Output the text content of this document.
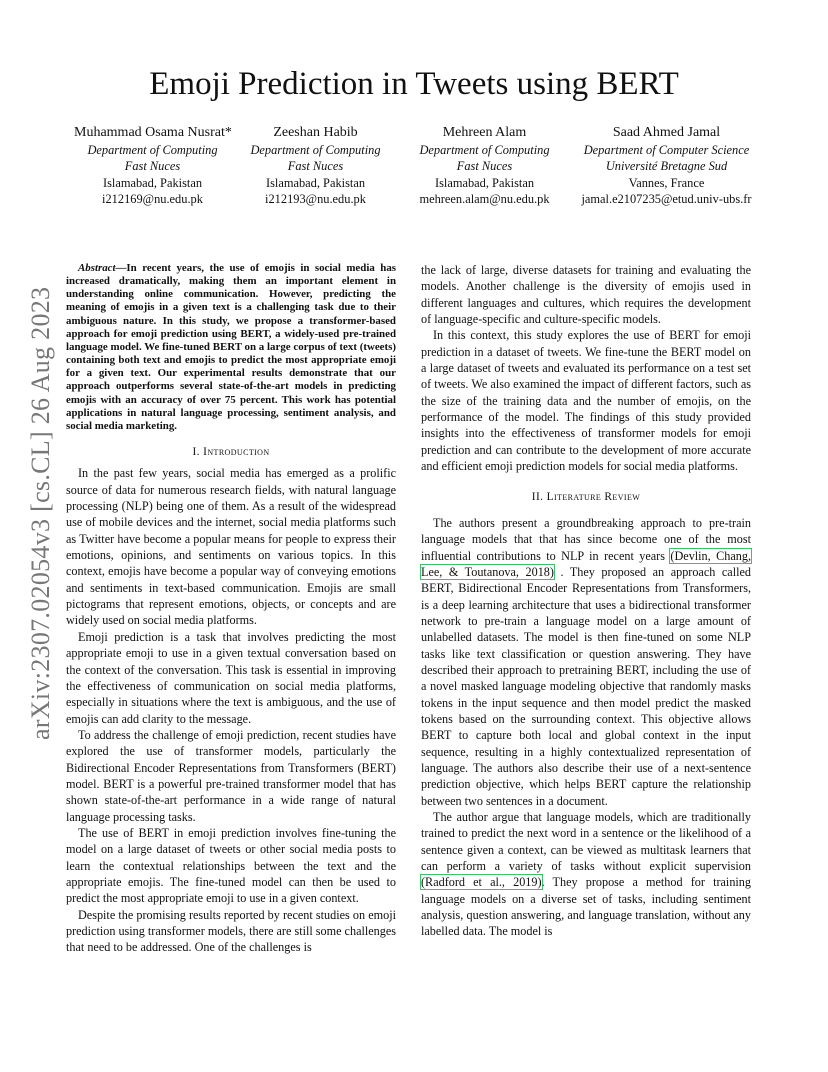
arXiv:2307.02054v3 [cs.CL] 26 Aug 2023
Emoji Prediction in Tweets using BERT
Muhammad Osama Nusrat*
Department of Computing
Fast Nuces
Islamabad, Pakistan
i212169@nu.edu.pk
Zeeshan Habib
Department of Computing
Fast Nuces
Islamabad, Pakistan
i212193@nu.edu.pk
Mehreen Alam
Department of Computing
Fast Nuces
Islamabad, Pakistan
mehreen.alam@nu.edu.pk
Saad Ahmed Jamal
Department of Computer Science
Université Bretagne Sud
Vannes, France
jamal.e2107235@etud.univ-ubs.fr

Abstract—In recent years, the use of emojis in social media has increased dramatically, making them an important element in understanding online communication. However, predicting the meaning of emojis in a given text is a challenging task due to their ambiguous nature. In this study, we propose a transformer-based approach for emoji prediction using BERT, a widely-used pre-trained language model. We fine-tuned BERT on a large corpus of text (tweets) containing both text and emojis to predict the most appropriate emoji for a given text. Our experimental results demonstrate that our approach outperforms several state-of-the-art models in predicting emojis with an accuracy of over 75 percent. This work has potential applications in natural language processing, sentiment analysis, and social media marketing.

I. Introduction

In the past few years, social media has emerged as a prolific source of data for numerous research fields, with natural language processing (NLP) being one of them. As a result of the widespread use of mobile devices and the internet, social media platforms such as Twitter have become a popular means for people to express their emotions, opinions, and sentiments on various topics. In this context, emojis have become a popular way of conveying emotions and sentiments in text-based communication. Emojis are small pictograms that represent emotions, objects, or concepts and are widely used on social media platforms.

Emoji prediction is a task that involves predicting the most appropriate emoji to use in a given textual conversation based on the context of the conversation. This task is essential in improving the effectiveness of communication on social media platforms, especially in situations where the text is ambiguous, and the use of emojis can add clarity to the message.

To address the challenge of emoji prediction, recent studies have explored the use of transformer models, particularly the Bidirectional Encoder Representations from Transformers (BERT) model. BERT is a powerful pre-trained transformer model that has shown state-of-the-art performance in a wide range of natural language processing tasks.

The use of BERT in emoji prediction involves fine-tuning the model on a large dataset of tweets or other social media posts to learn the contextual relationships between the text and the appropriate emojis. The fine-tuned model can then be used to predict the most appropriate emoji to use in a given context.

Despite the promising results reported by recent studies on emoji prediction using transformer models, there are still some challenges that need to be addressed. One of the challenges is

the lack of large, diverse datasets for training and evaluating the models. Another challenge is the diversity of emojis used in different languages and cultures, which requires the development of language-specific and culture-specific models.

In this context, this study explores the use of BERT for emoji prediction in a dataset of tweets. We fine-tune the BERT model on a large dataset of tweets and evaluated its performance on a test set of tweets. We also examined the impact of different factors, such as the size of the training data and the number of emojis, on the performance of the model. The findings of this study provided insights into the effectiveness of transformer models for emoji prediction and can contribute to the development of more accurate and efficient emoji prediction models for social media platforms.

II. Literature Review

The authors present a groundbreaking approach to pre-train language models that that has since become one of the most influential contributions to NLP in recent years (Devlin, Chang, Lee, & Toutanova, 2018) . They proposed an approach called BERT, Bidirectional Encoder Representations from Transformers, is a deep learning architecture that uses a bidirectional transformer network to pre-train a language model on a large amount of unlabelled datasets. The model is then fine-tuned on some NLP tasks like text classification or question answering. They have described their approach to pretraining BERT, including the use of a novel masked language modeling objective that randomly masks tokens in the input sequence and then model predict the masked tokens based on the surrounding context. This objective allows BERT to capture both local and global context in the input sequence, resulting in a highly contextualized representation of language. The authors also describe their use of a next-sentence prediction objective, which helps BERT capture the relationship between two sentences in a document.

The author argue that language models, which are traditionally trained to predict the next word in a sentence or the likelihood of a sentence given a context, can be viewed as multitask learners that can perform a variety of tasks without explicit supervision (Radford et al., 2019). They propose a method for training language models on a diverse set of tasks, including sentiment analysis, question answering, and language translation, without any labelled data. The model is
